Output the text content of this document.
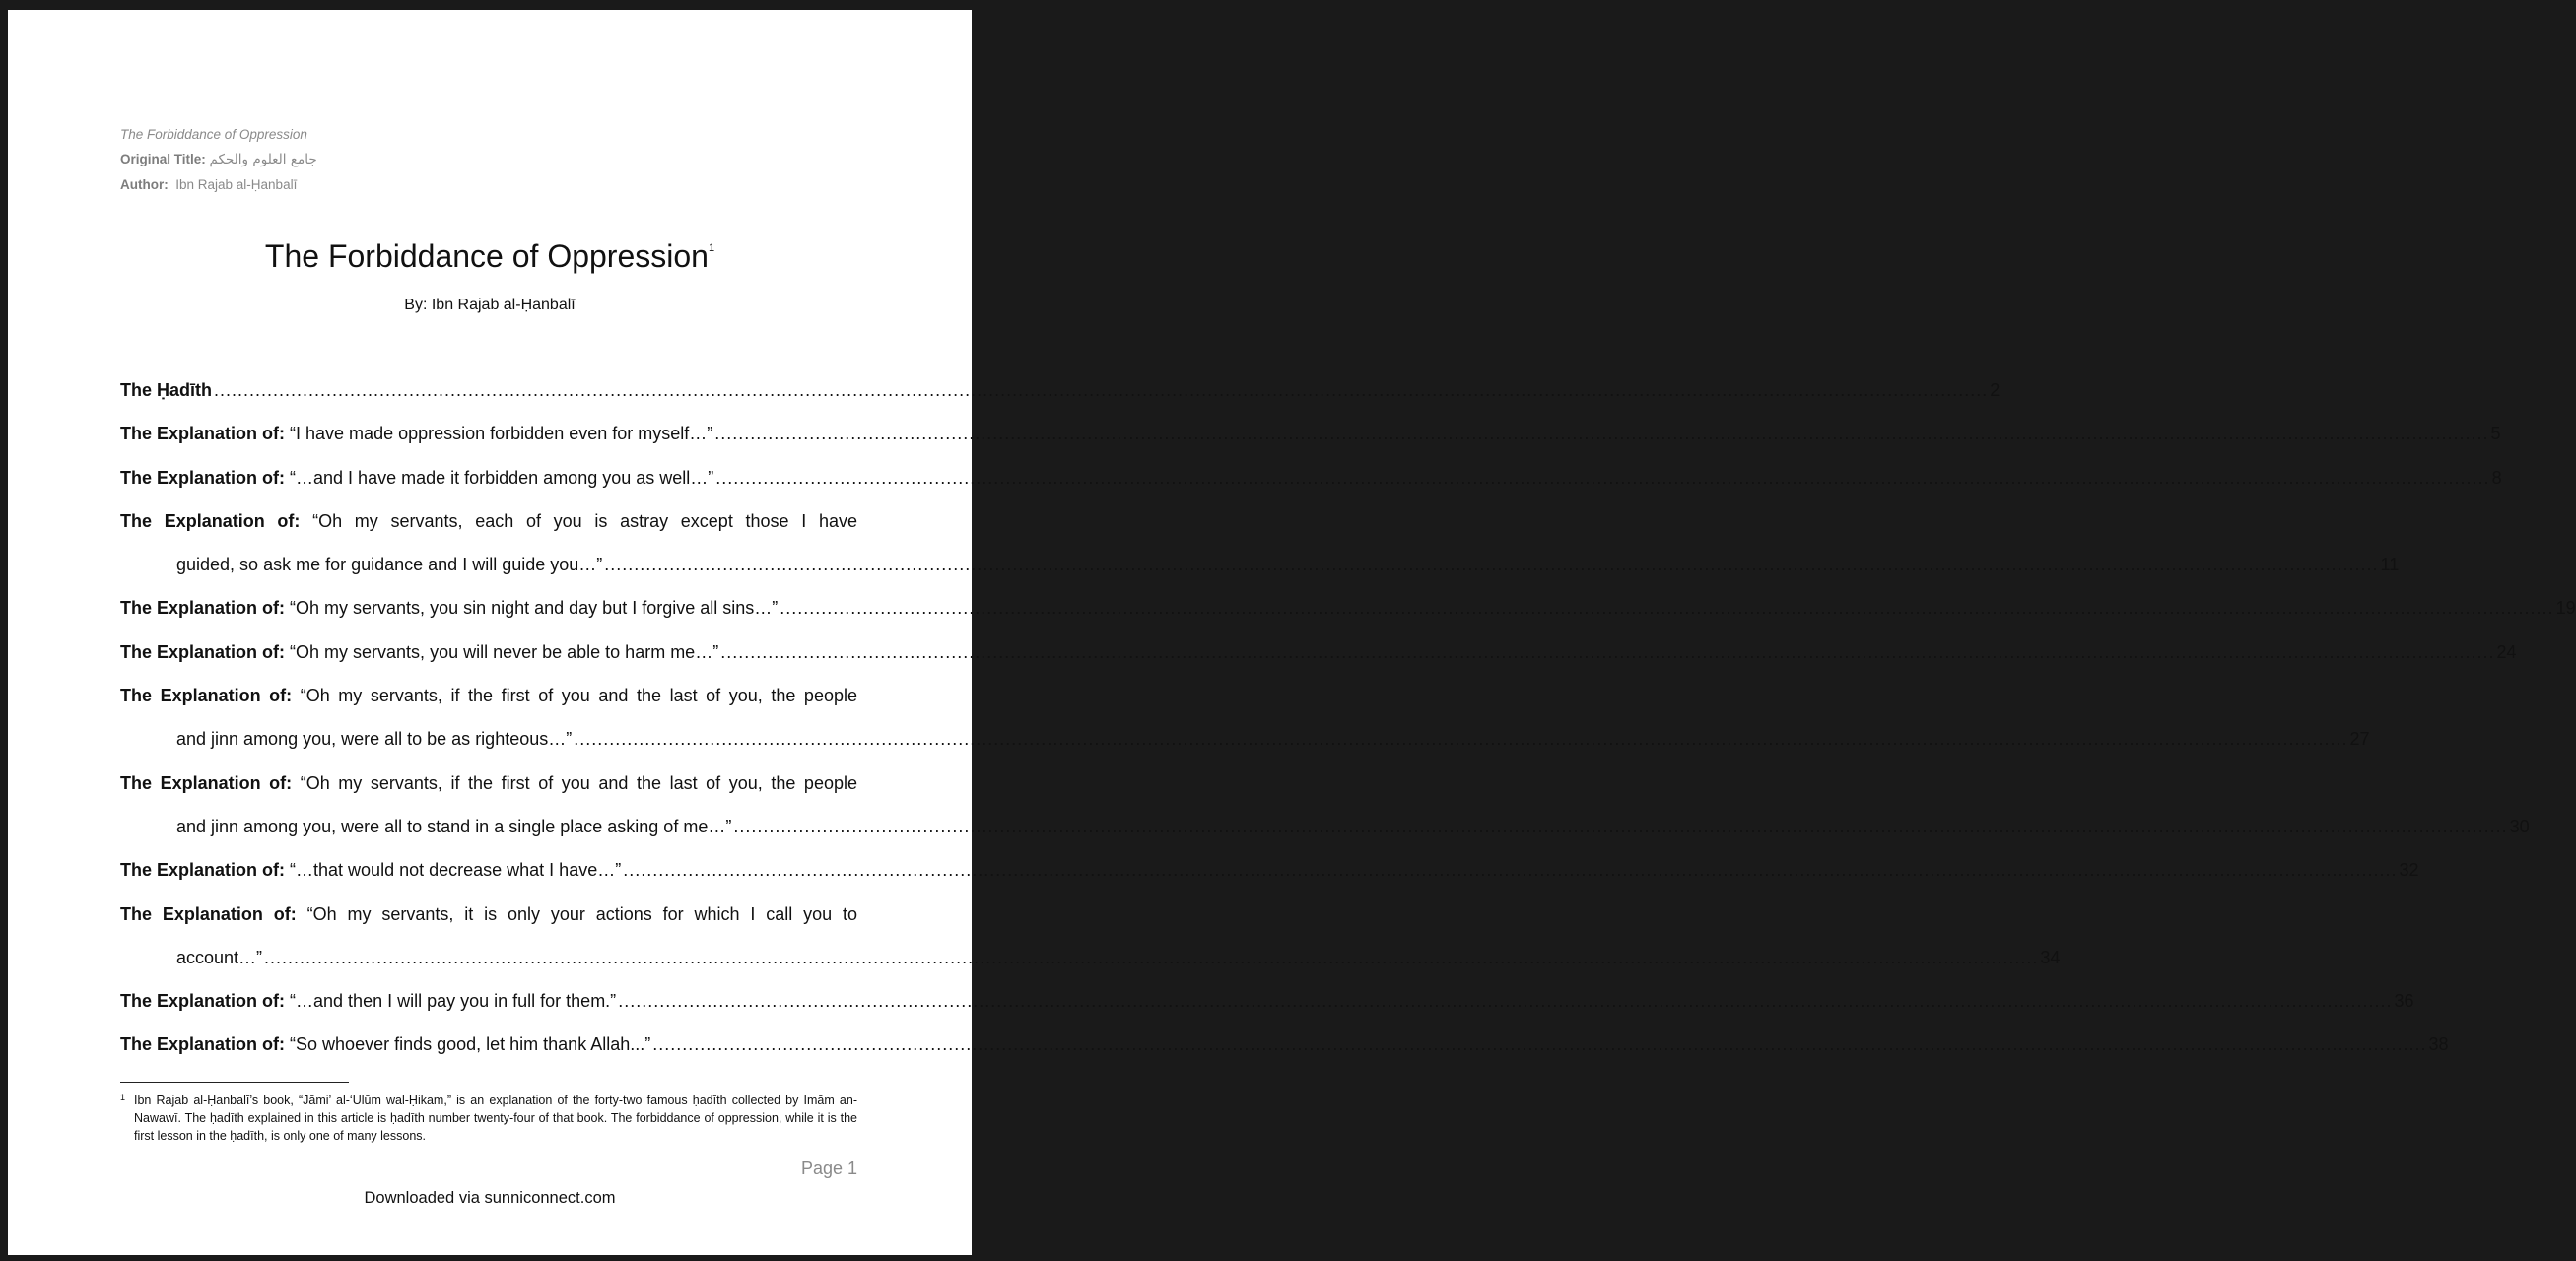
The Forbiddance of Oppression
Original Title: جامع العلوم والحكم
Author: Ibn Rajab al-Ḥanbalī
The Forbiddance of Oppression$^1$
By: Ibn Rajab al-Ḥanbalī
The Ḥadīth ............................................................................................................................................................................................................................................................................................................ 2
The Explanation of: “I have made oppression forbidden even for myself…” ............................................................................................................................................................................................................................................................................................................ 5
The Explanation of: “…and I have made it forbidden among you as well…” ............................................................................................................................................................................................................................................................................................................ 8
The Explanation of: “Oh my servants, each of you is astray except those I have
guided, so ask me for guidance and I will guide you…” ............................................................................................................................................................................................................................................................................................................ 11
The Explanation of: “Oh my servants, you sin night and day but I forgive all sins…” ............................................................................................................................................................................................................................................................................................................ 19
The Explanation of: “Oh my servants, you will never be able to harm me…” ............................................................................................................................................................................................................................................................................................................ 24
The Explanation of: “Oh my servants, if the first of you and the last of you, the people
and jinn among you, were all to be as righteous…” ............................................................................................................................................................................................................................................................................................................ 27
The Explanation of: “Oh my servants, if the first of you and the last of you, the people
and jinn among you, were all to stand in a single place asking of me…” ............................................................................................................................................................................................................................................................................................................ 30
The Explanation of: “…that would not decrease what I have…” ............................................................................................................................................................................................................................................................................................................ 32
The Explanation of: “Oh my servants, it is only your actions for which I call you to
account…” ............................................................................................................................................................................................................................................................................................................ 34
The Explanation of: “…and then I will pay you in full for them.” ............................................................................................................................................................................................................................................................................................................ 36
The Explanation of: “So whoever finds good, let him thank Allah...” ............................................................................................................................................................................................................................................................................................................ 38
1 Ibn Rajab al-Ḥanbalī’s book, “Jāmi’ al-‘Ulūm wal-Ḥikam,” is an explanation of the forty-two famous ḥadīth collected by Imām an-Nawawī. The ḥadīth explained in this article is ḥadīth number twenty-four of that book. The forbiddance of oppression, while it is the first lesson in the ḥadīth, is only one of many lessons.
Page 1
Downloaded via sunniconnect.com
